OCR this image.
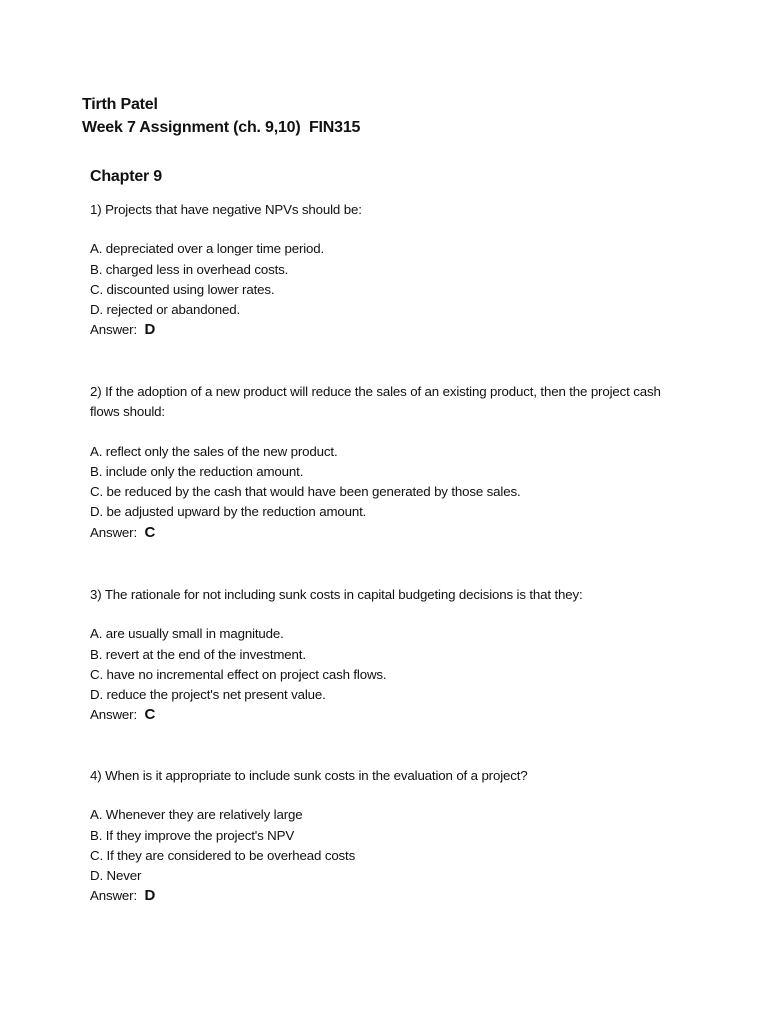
Tirth Patel
Week 7 Assignment (ch. 9,10)  FIN315
Chapter 9

1) Projects that have negative NPVs should be:

A. depreciated over a longer time period.

B. charged less in overhead costs.

C. discounted using lower rates.

D. rejected or abandoned.

Answer: D

2) If the adoption of a new product will reduce the sales of an existing product, then the project cash flows should:

A. reflect only the sales of the new product.

B. include only the reduction amount.

C. be reduced by the cash that would have been generated by those sales.

D. be adjusted upward by the reduction amount.

Answer: C

3) The rationale for not including sunk costs in capital budgeting decisions is that they:

A. are usually small in magnitude.

B. revert at the end of the investment.

C. have no incremental effect on project cash flows.

D. reduce the project's net present value.

Answer: C

4) When is it appropriate to include sunk costs in the evaluation of a project?

A. Whenever they are relatively large

B. If they improve the project's NPV

C. If they are considered to be overhead costs

D. Never

Answer: D
